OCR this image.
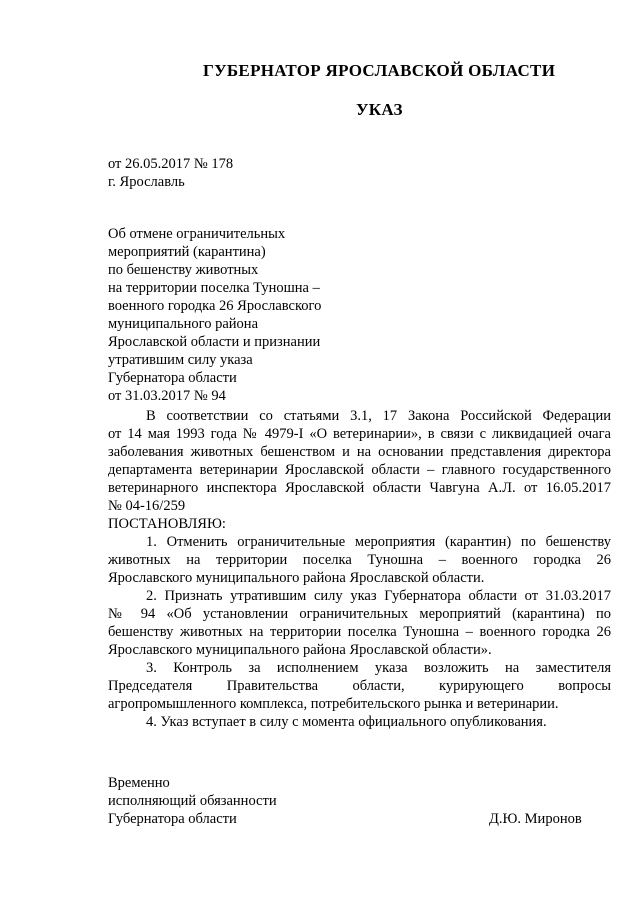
ГУБЕРНАТОР ЯРОСЛАВСКОЙ ОБЛАСТИ
УКАЗ
от 26.05.2017 № 178
г. Ярославль
Об отмене ограничительных
мероприятий (карантина)
по бешенству животных
на территории поселка Туношна –
военного городка 26 Ярославского
муниципального района
Ярославской области и признании
утратившим силу указа
Губернатора области
от 31.03.2017 № 94
В соответствии со статьями 3.1, 17 Закона Российской Федерации
от 14 мая 1993 года № 4979-I «О ветеринарии», в связи с ликвидацией очага
заболевания животных бешенством и на основании представления директора
департамента ветеринарии Ярославской области – главного государственного
ветеринарного инспектора Ярославской области Чавгуна А.Л. от 16.05.2017
№ 04-16/259
ПОСТАНОВЛЯЮ:
1. Отменить ограничительные мероприятия (карантин) по бешенству
животных на территории поселка Туношна – военного городка 26
Ярославского муниципального района Ярославской области.
2. Признать утратившим силу указ Губернатора области от 31.03.2017
№ 94 «Об установлении ограничительных мероприятий (карантина) по
бешенству животных на территории поселка Туношна – военного городка 26
Ярославского муниципального района Ярославской области».
3. Контроль за исполнением указа возложить на заместителя
Председателя Правительства области, курирующего вопросы
агропромышленного комплекса, потребительского рынка и ветеринарии.
4. Указ вступает в силу с момента официального опубликования.
Временно
исполняющий обязанности
Губернатора области	Д.Ю. Миронов
